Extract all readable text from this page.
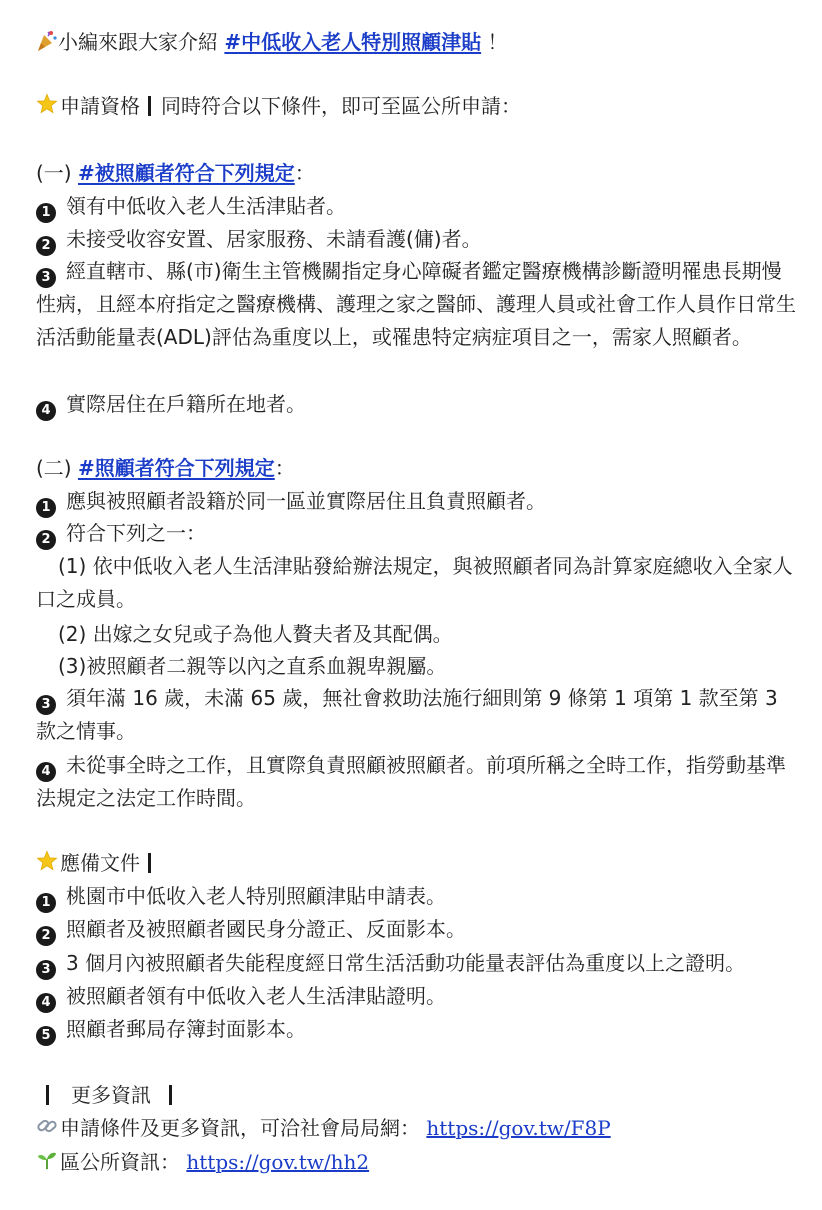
小編來跟大家介紹 #中低收入老人特別照顧津貼 ！
申請資格 同時符合以下條件，即可至區公所申請：
(一) #被照顧者符合下列規定：
1 領有中低收入老人生活津貼者。
2 未接受收容安置、居家服務、未請看護(傭)者。
3 經直轄市、縣(市)衛生主管機關指定身心障礙者鑑定醫療機構診斷證明罹患長期慢性病，且經本府指定之醫療機構、護理之家之醫師、護理人員或社會工作人員作日常生活活動能量表(ADL)評估為重度以上，或罹患特定病症項目之一，需家人照顧者。
4 實際居住在戶籍所在地者。
(二) #照顧者符合下列規定：
1 應與被照顧者設籍於同一區並實際居住且負責照顧者。
2 符合下列之一：
(1) 依中低收入老人生活津貼發給辦法規定，與被照顧者同為計算家庭總收入全家人口之成員。
(2) 出嫁之女兒或子為他人贅夫者及其配偶。
(3)被照顧者二親等以內之直系血親卑親屬。
3 須年滿 16 歲，未滿 65 歲，無社會救助法施行細則第 9 條第 1 項第 1 款至第 3 款之情事。
4 未從事全時之工作，且實際負責照顧被照顧者。前項所稱之全時工作，指勞動基準法規定之法定工作時間。
應備文件
1 桃園市中低收入老人特別照顧津貼申請表。
2 照顧者及被照顧者國民身分證正、反面影本。
3 3 個月內被照顧者失能程度經日常生活活動功能量表評估為重度以上之證明。
4 被照顧者領有中低收入老人生活津貼證明。
5 照顧者郵局存簿封面影本。
更多資訊
申請條件及更多資訊，可洽社會局局網： https://gov.tw/F8P
區公所資訊： https://gov.tw/hh2
